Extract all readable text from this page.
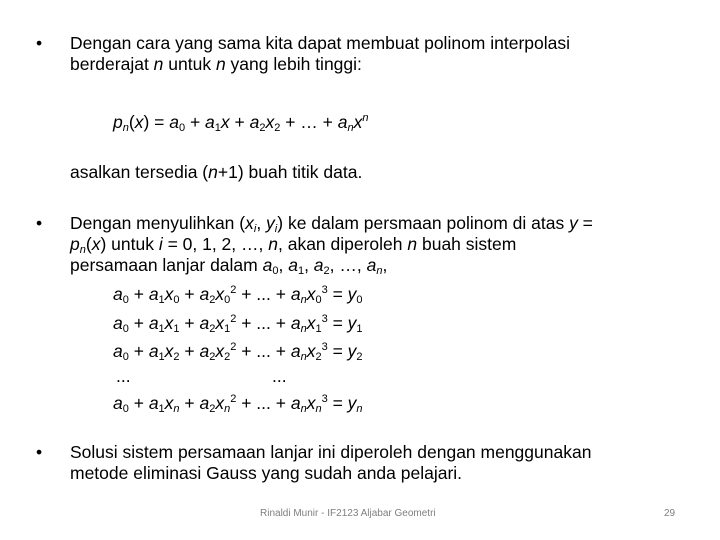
• Dengan cara yang sama kita dapat membuat polinom interpolasi
berderajat n untuk n yang lebih tinggi:
$p_n(x) = a_0 + a_1x + a_2x_2$ + … + $a_nx^n$
asalkan tersedia (n+1) buah titik data.
• Dengan menyulihkan ($x_i$, $y_i$) ke dalam persmaan polinom di atas y =
$p_n(x)$ untuk i = 0, 1, 2, …, n, akan diperoleh n buah sistem
persamaan lanjar dalam $a_0$, $a_1$, $a_2$, …, $a_n$,
$a_0 + a_1x_0 + a_2x_0^2$ + ... + $a_nx_0^3 = y_0$
$a_0 + a_1x_1 + a_2x_1^2$ + ... + $a_nx_1^3 = y_1$
$a_0 + a_1x_2 + a_2x_2^2$ + ... + $a_nx_2^3 = y_2$
...	...
$a_0 + a_1x_n + a_2x_n^2$ + ... + $a_nx_n^3 = y_n$
• Solusi sistem persamaan lanjar ini diperoleh dengan menggunakan
metode eliminasi Gauss yang sudah anda pelajari.
Rinaldi Munir - IF2123 Aljabar Geometri	29
